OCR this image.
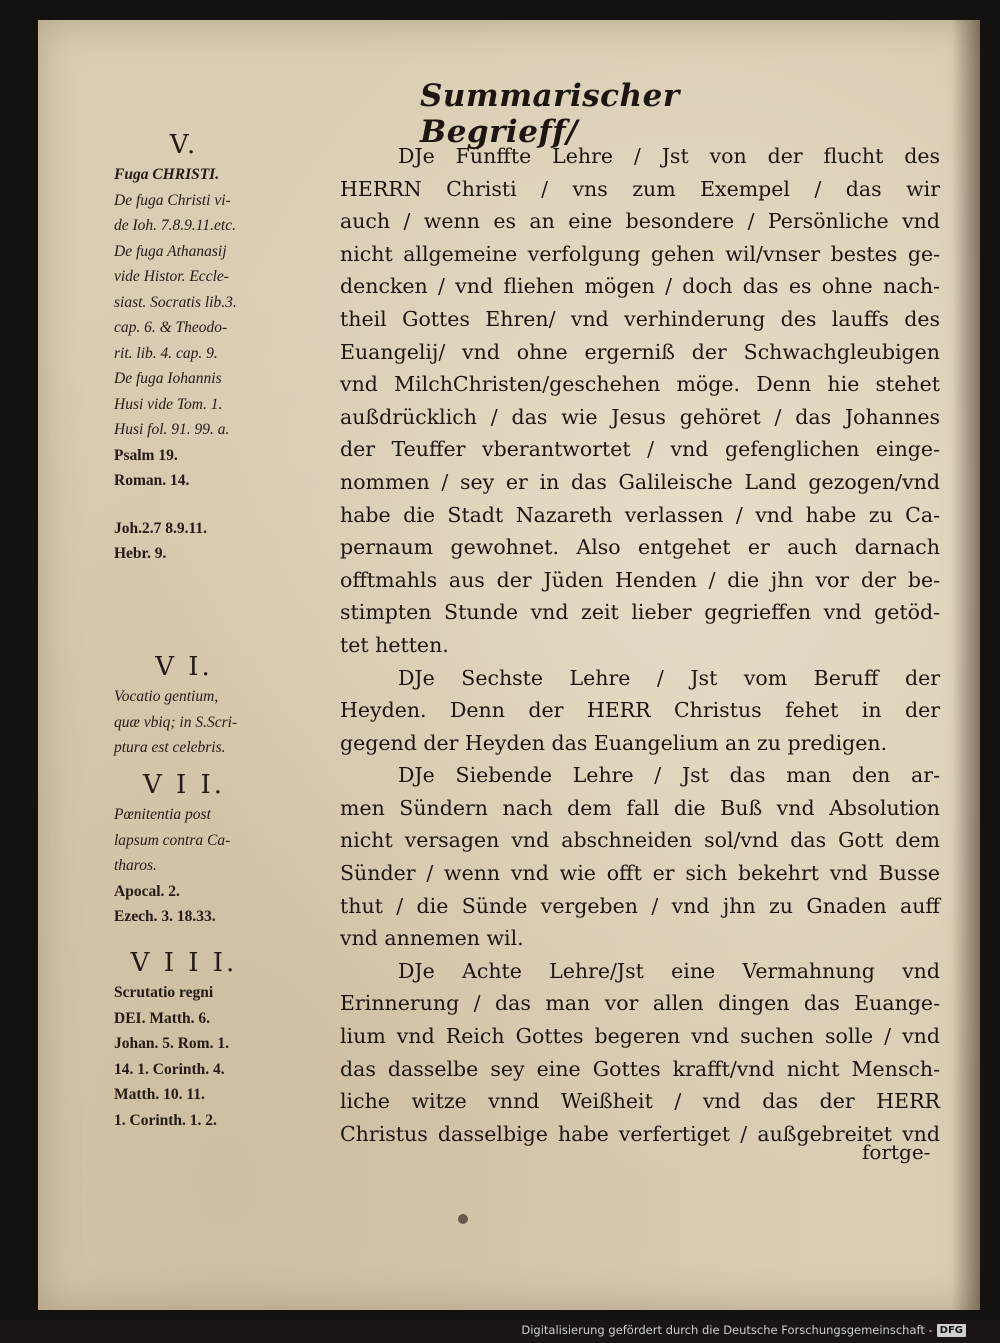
Summarischer Begrieff/
V.
Fuga CHRISTI.
De fuga Christi vi-
de Ioh. 7.8.9.11.etc.
De fuga Athanasij
vide Histor. Eccle-
siast. Socratis lib.3.
cap. 6. & Theodo-
rit. lib. 4. cap. 9.
De fuga Iohannis
Husi vide Tom. 1.
Husi fol. 91. 99. a.
Psalm 19.
Roman. 14.
Joh.2.7 8.9.11.
Hebr. 9.
V I.
Vocatio gentium,
quæ vbiq; in S.Scri-
ptura est celebris.
V I I.
Pœnitentia post
lapsum contra Ca-
tharos.
Apocal. 2.
Ezech. 3. 18.33.
V I I I.
Scrutatio regni
DEI. Matth. 6.
Johan. 5. Rom. 1.
14. 1. Corinth. 4.
Matth. 10. 11.
1. Corinth. 1. 2.
DJe Fünffte Lehre / Jst von der flucht des
HERRN Christi / vns zum Exempel / das wir
auch / wenn es an eine besondere / Persönliche vnd
nicht allgemeine verfolgung gehen wil/vnser bestes ge-
dencken / vnd fliehen mögen / doch das es ohne nach-
theil Gottes Ehren/ vnd verhinderung des lauffs des
Euangelij/ vnd ohne ergerniß der Schwachgleubigen
vnd MilchChristen/geschehen möge. Denn hie stehet
außdrücklich / das wie Jesus gehöret / das Johannes
der Teuffer vberantwortet / vnd gefenglichen einge-
nommen / sey er in das Galileische Land gezogen/vnd
habe die Stadt Nazareth verlassen / vnd habe zu Ca-
pernaum gewohnet. Also entgehet er auch darnach
offtmahls aus der Jüden Henden / die jhn vor der be-
stimpten Stunde vnd zeit lieber gegrieffen vnd getöd-
tet hetten.
DJe Sechste Lehre / Jst vom Beruff der
Heyden. Denn der HERR Christus fehet in der
gegend der Heyden das Euangelium an zu predigen.
DJe Siebende Lehre / Jst das man den ar-
men Sündern nach dem fall die Buß vnd Absolution
nicht versagen vnd abschneiden sol/vnd das Gott dem
Sünder / wenn vnd wie offt er sich bekehrt vnd Busse
thut / die Sünde vergeben / vnd jhn zu Gnaden auff
vnd annemen wil.
DJe Achte Lehre/Jst eine Vermahnung vnd
Erinnerung / das man vor allen dingen das Euange-
lium vnd Reich Gottes begeren vnd suchen solle / vnd
das dasselbe sey eine Gottes krafft/vnd nicht Mensch-
liche witze vnnd Weißheit / vnd das der HERR
Christus dasselbige habe verfertiget / außgebreitet vnd
fortge-
Digitalisierung gefördert durch die Deutsche Forschungsgemeinschaft - DFG
